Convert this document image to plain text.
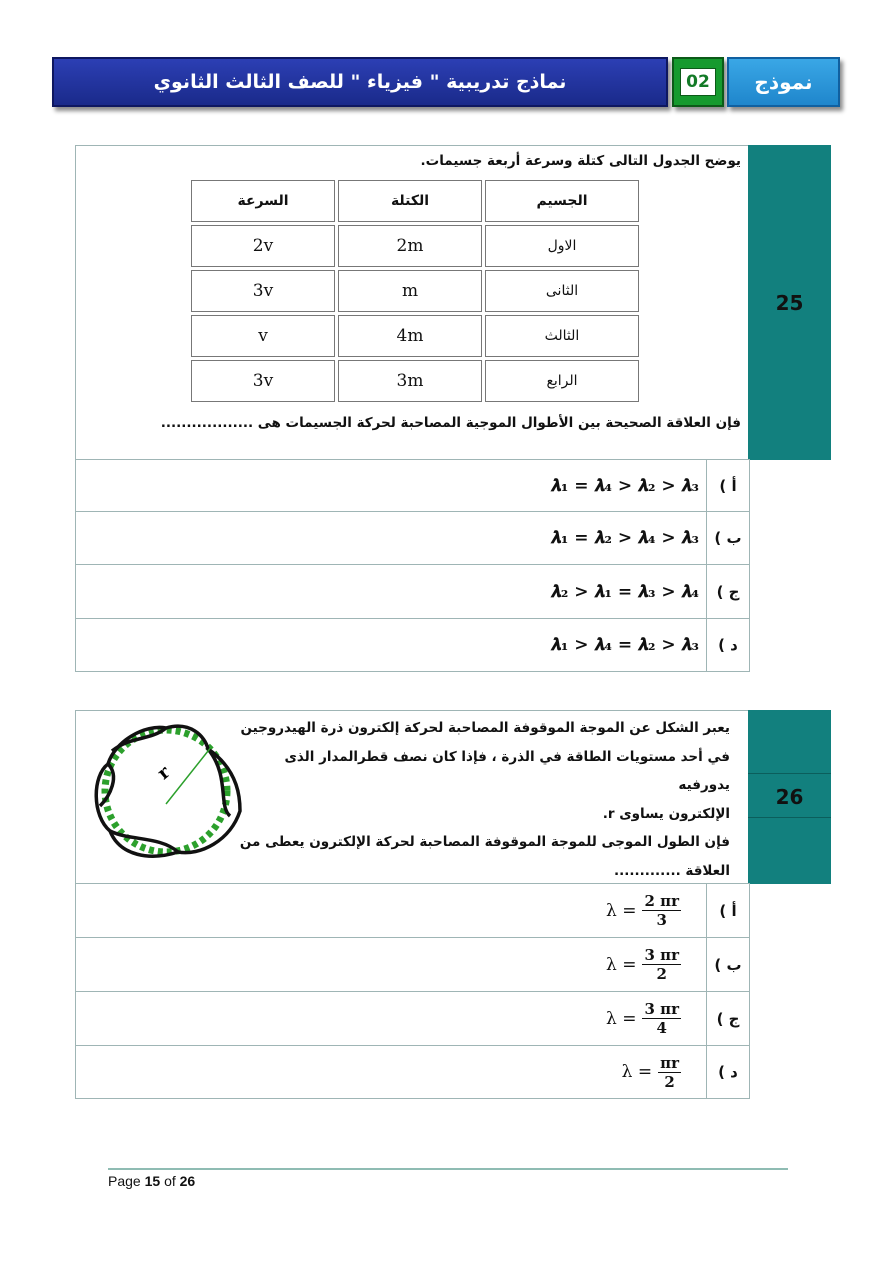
نماذج تدريبية " فيزياء " للصف الثالث الثانوي	02	نموذج
25
يوضح الجدول التالى كتلة وسرعة أربعة جسيمات.
الجسيم	الكتلة	السرعة
الاول	2m	2v
الثانى	m	3v
الثالث	4m	v
الرابع	3m	3v
فإن العلاقة الصحيحة بين الأطوال الموجية المصاحبة لحركة الجسيمات هى ..................
أ )
𝝀₁ = 𝝀₄ > 𝝀₂ > 𝝀₃
ب )
𝝀₁ = 𝝀₂ > 𝝀₄ > 𝝀₃
ج )
𝝀₂ > 𝝀₁ = 𝝀₃ > 𝝀₄
د )
𝝀₁ > 𝝀₄ = 𝝀₂ > 𝝀₃
26
يعبر الشكل عن الموجة الموقوفة المصاحبة لحركة إلكترون ذرة الهيدروجين
في أحد مستويات الطاقة في الذرة ، فإذا كان نصف قطرالمدار الذى يدورفيه
الإلكترون يساوى r.
فإن الطول الموجى للموجة الموقوفة المصاحبة لحركة الإلكترون يعطى من
العلاقة .............
r
أ )
$\lambda = \frac{2 \pi r}{3}$
ب )
$\lambda = \frac{3 \pi r}{2}$
ج )
$\lambda = \frac{3 \pi r}{4}$
د )
$\lambda = \frac{\pi r}{2}$
Page 15 of 26
